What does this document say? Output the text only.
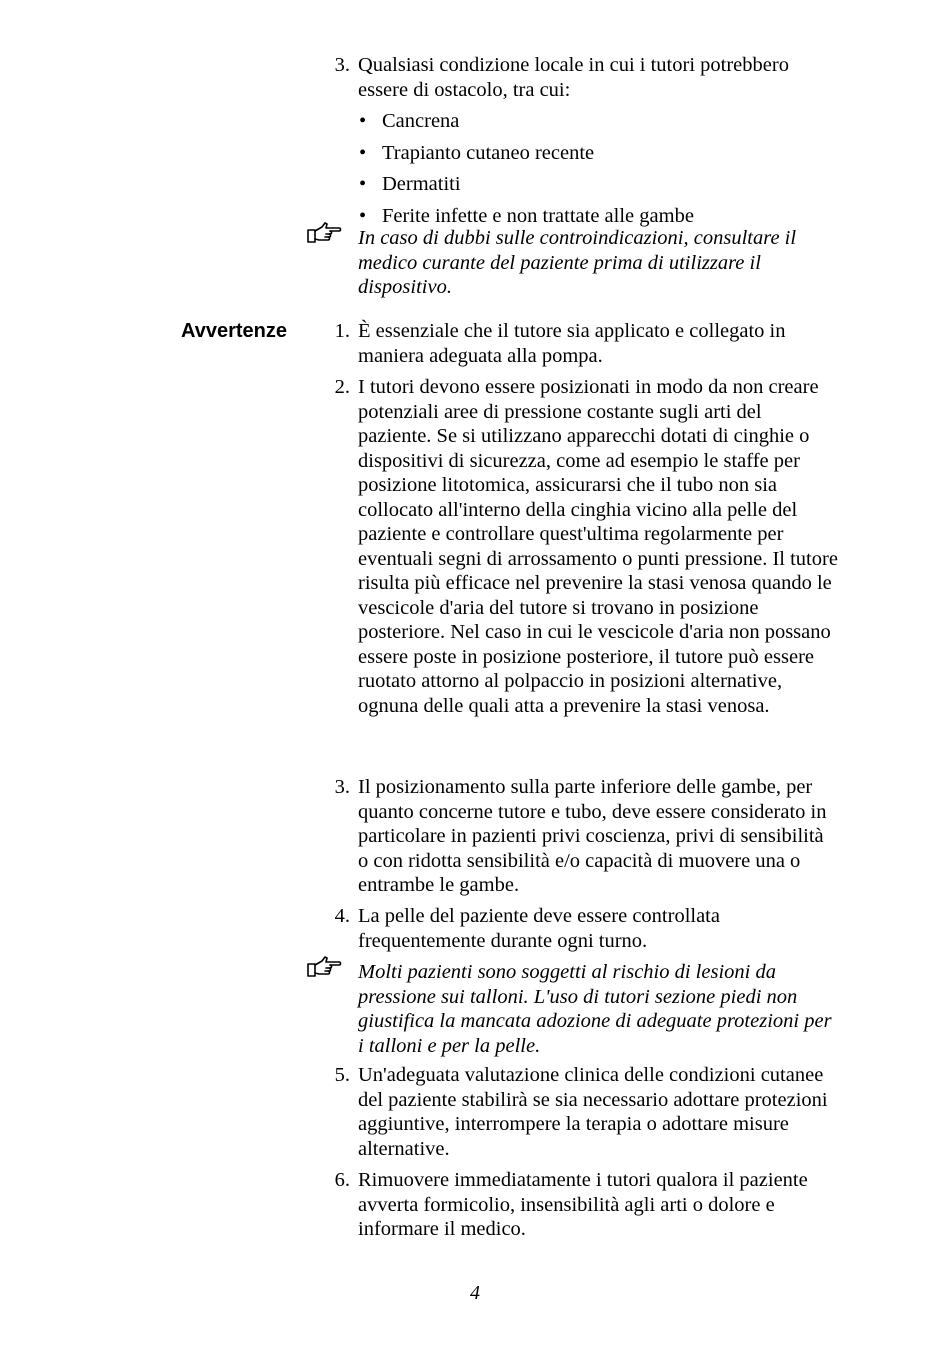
3. Qualsiasi condizione locale in cui i tutori potrebbero essere di ostacolo, tra cui:
• Cancrena
• Trapianto cutaneo recente
• Dermatiti
• Ferite infette e non trattate alle gambe
In caso di dubbi sulle controindicazioni, consultare il medico curante del paziente prima di utilizzare il dispositivo.
Avvertenze	1. È essenziale che il tutore sia applicato e collegato in maniera adeguata alla pompa.
2. I tutori devono essere posizionati in modo da non creare potenziali aree di pressione costante sugli arti del paziente. Se si utilizzano apparecchi dotati di cinghie o dispositivi di sicurezza, come ad esempio le staffe per posizione litotomica, assicurarsi che il tubo non sia collocato all'interno della cinghia vicino alla pelle del paziente e controllare quest'ultima regolarmente per eventuali segni di arrossamento o punti pressione. Il tutore risulta più efficace nel prevenire la stasi venosa quando le vescicole d'aria del tutore si trovano in posizione posteriore. Nel caso in cui le vescicole d'aria non possano essere poste in posizione posteriore, il tutore può essere ruotato attorno al polpaccio in posizioni alternative, ognuna delle quali atta a prevenire la stasi venosa.
3. Il posizionamento sulla parte inferiore delle gambe, per quanto concerne tutore e tubo, deve essere considerato in particolare in pazienti privi coscienza, privi di sensibilità o con ridotta sensibilità e/o capacità di muovere una o entrambe le gambe.
4. La pelle del paziente deve essere controllata frequentemente durante ogni turno.
Molti pazienti sono soggetti al rischio di lesioni da pressione sui talloni. L'uso di tutori sezione piedi non giustifica la mancata adozione di adeguate protezioni per i talloni e per la pelle.
5. Un'adeguata valutazione clinica delle condizioni cutanee del paziente stabilirà se sia necessario adottare protezioni aggiuntive, interrompere la terapia o adottare misure alternative.
6. Rimuovere immediatamente i tutori qualora il paziente avverta formicolio, insensibilità agli arti o dolore e informare il medico.
4
